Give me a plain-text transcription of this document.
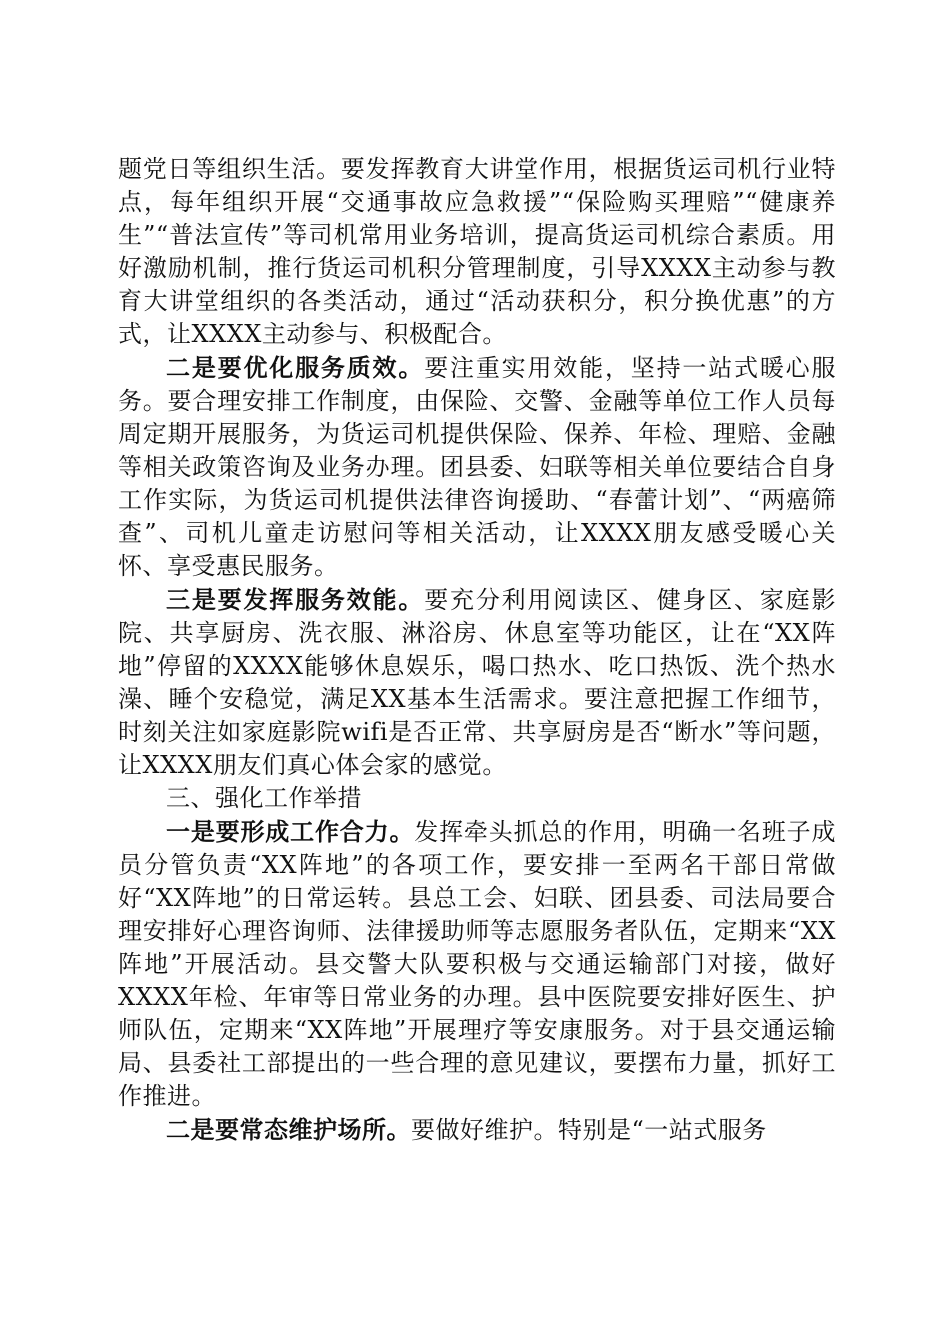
题党日等组织生活。要发挥教育大讲堂作用，根据货运司机行业特点，每年组织开展“交通事故应急救援”“保险购买理赔”“健康养生”“普法宣传”等司机常用业务培训，提高货运司机综合素质。用好激励机制，推行货运司机积分管理制度，引导XXXX主动参与教育大讲堂组织的各类活动，通过“活动获积分，积分换优惠”的方式，让XXXX主动参与、积极配合。

二是要优化服务质效。要注重实用效能，坚持一站式暖心服务。要合理安排工作制度，由保险、交警、金融等单位工作人员每周定期开展服务，为货运司机提供保险、保养、年检、理赔、金融等相关政策咨询及业务办理。团县委、妇联等相关单位要结合自身工作实际，为货运司机提供法律咨询援助、“春蕾计划”、“两癌筛查”、司机儿童走访慰问等相关活动，让XXXX朋友感受暖心关怀、享受惠民服务。

三是要发挥服务效能。要充分利用阅读区、健身区、家庭影院、共享厨房、洗衣服、淋浴房、休息室等功能区，让在“XX阵地”停留的XXXX能够休息娱乐，喝口热水、吃口热饭、洗个热水澡、睡个安稳觉，满足XX基本生活需求。要注意把握工作细节，时刻关注如家庭影院wifi是否正常、共享厨房是否“断水”等问题，让XXXX朋友们真心体会家的感觉。

三、强化工作举措

一是要形成工作合力。发挥牵头抓总的作用，明确一名班子成员分管负责“XX阵地”的各项工作，要安排一至两名干部日常做好“XX阵地”的日常运转。县总工会、妇联、团县委、司法局要合理安排好心理咨询师、法律援助师等志愿服务者队伍，定期来“XX阵地”开展活动。县交警大队要积极与交通运输部门对接，做好XXXX年检、年审等日常业务的办理。县中医院要安排好医生、护师队伍，定期来“XX阵地”开展理疗等安康服务。对于县交通运输局、县委社工部提出的一些合理的意见建议，要摆布力量，抓好工作推进。

二是要常态维护场所。要做好维护。特别是“一站式服务
